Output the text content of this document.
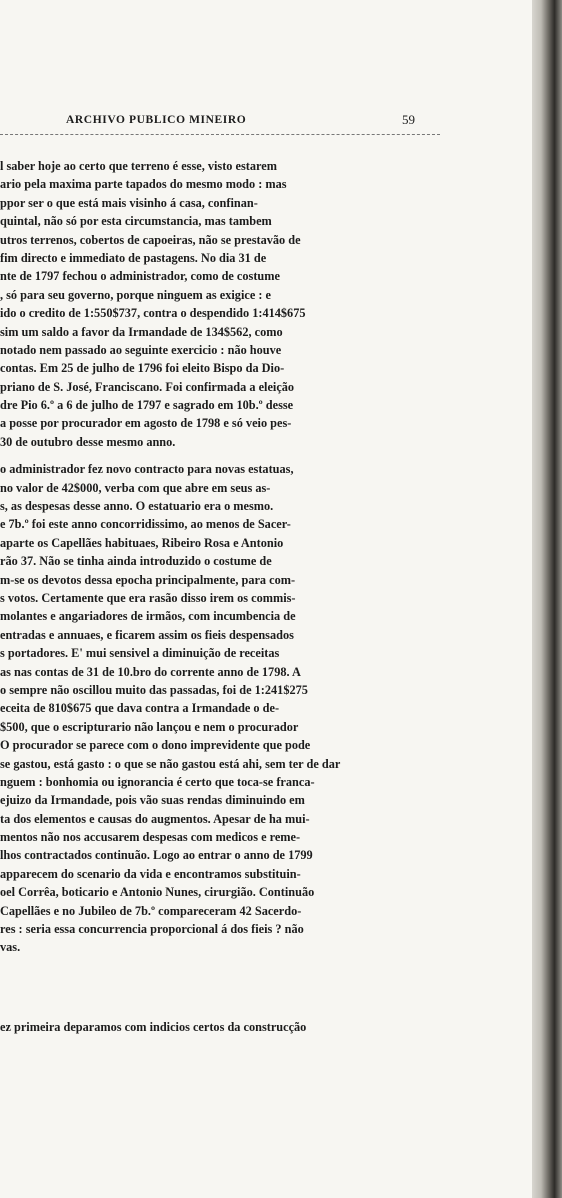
ARCHIVO PUBLICO MINEIRO	59
l saber hoje ao certo que terreno é esse, visto estarem
ario pela maxima parte tapados do mesmo modo : mas
ppor ser o que está mais visinho á casa, confinan-
quintal, não só por esta circumstancia, mas tambem
utros terrenos, cobertos de capoeiras, não se prestavão de
fim directo e immediato de pastagens. No dia 31 de
nte de 1797 fechou o administrador, como de costume
, só para seu governo, porque ninguem as exigice : e
ido o credito de 1:550$737, contra o despendido 1:414$675
sim um saldo a favor da Irmandade de 134$562, como
notado nem passado ao seguinte exercicio : não houve
contas. Em 25 de julho de 1796 foi eleito Bispo da Dio-
priano de S. José, Franciscano. Foi confirmada a eleição
dre Pio 6.º a 6 de julho de 1797 e sagrado em 10b.º desse
a posse por procurador em agosto de 1798 e só veio pes-
30 de outubro desse mesmo anno.
o administrador fez novo contracto para novas estatuas,
no valor de 42$000, verba com que abre em seus as-
s, as despesas desse anno. O estatuario era o mesmo.
e 7b.º foi este anno concorridissimo, ao menos de Sacer-
aparte os Capellães habituaes, Ribeiro Rosa e Antonio
rão 37. Não se tinha ainda introduzido o costume de
m-se os devotos dessa epocha principalmente, para com-
s votos. Certamente que era rasão disso irem os commis-
molantes e angariadores de irmãos, com incumbencia de
entradas e annuaes, e ficarem assim os fieis despensados
s portadores. E' mui sensivel a diminuição de receitas
as nas contas de 31 de 10.bro do corrente anno de 1798. A
o sempre não oscillou muito das passadas, foi de 1:241$275
eceita de 810$675 que dava contra a Irmandade o de-
$500, que o escripturario não lançou e nem o procurador
O procurador se parece com o dono imprevidente que pode
se gastou, está gasto : o que se não gastou está ahi, sem ter de dar
nguem : bonhomia ou ignorancia é certo que toca-se franca-
ejuizo da Irmandade, pois vão suas rendas diminuindo em
ta dos elementos e causas do augmentos. Apesar de ha mui-
mentos não nos accusarem despesas com medicos e reme-
lhos contractados continuão. Logo ao entrar o anno de 1799
apparecem do scenario da vida e encontramos substituin-
oel Corrêa, boticario e Antonio Nunes, cirurgião. Continuão
Capellães e no Jubileo de 7b.º compareceram 42 Sacerdo-
res : seria essa concurrencia proporcional á dos fieis ? não
vas.
ez primeira deparamos com indicios certos da construcção
